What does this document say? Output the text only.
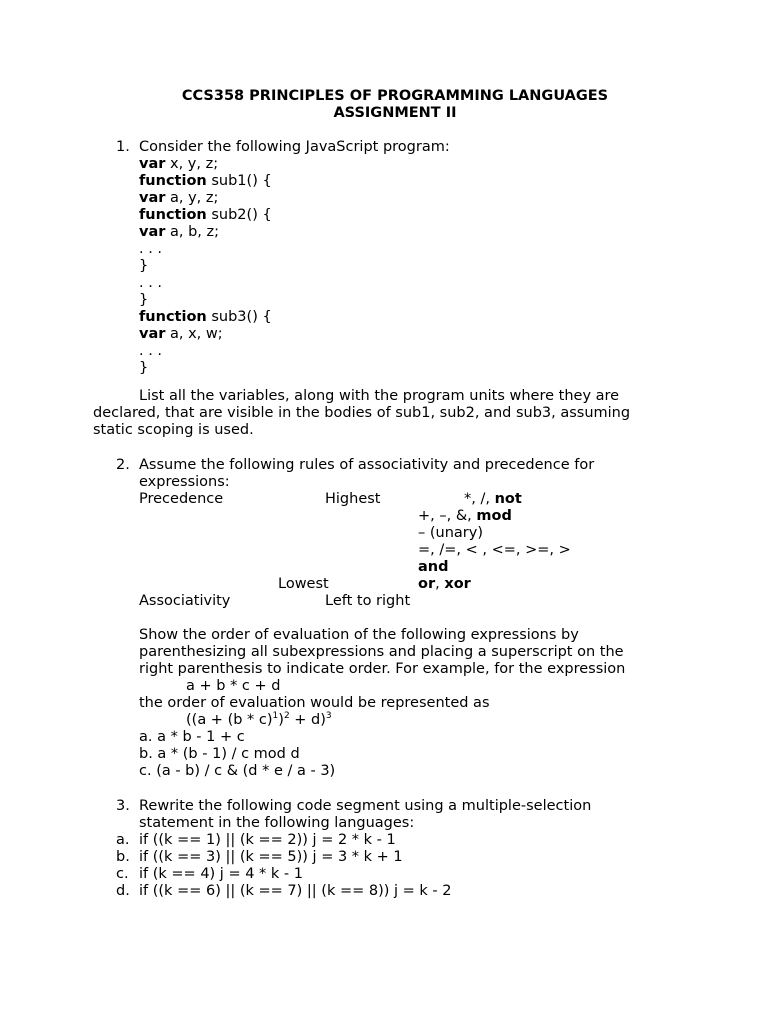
CCS358 PRINCIPLES OF PROGRAMMING LANGUAGES
ASSIGNMENT II
1. Consider the following JavaScript program:
var x, y, z;
function sub1() {
var a, y, z;
function sub2() {
var a, b, z;
. . .
}
. . .
}
function sub3() {
var a, x, w;
. . .
}
List all the variables, along with the program units where they are
declared, that are visible in the bodies of sub1, sub2, and sub3, assuming
static scoping is used.
2. Assume the following rules of associativity and precedence for
expressions:
Precedence	Highest	*, /, not
+, –, &, mod
– (unary)
=, /=, < , <=, >=, >
and
Lowest	or, xor
Associativity	Left to right
Show the order of evaluation of the following expressions by
parenthesizing all subexpressions and placing a superscript on the
right parenthesis to indicate order. For example, for the expression
a + b * c + d
the order of evaluation would be represented as
$((a + (b * c)^1)^2 + d)^3$
a. a * b - 1 + c
b. a * (b - 1) / c mod d
c. (a - b) / c & (d * e / a - 3)
3. Rewrite the following code segment using a multiple-selection
statement in the following languages:
a. if ((k == 1) || (k == 2)) j = 2 * k - 1
b. if ((k == 3) || (k == 5)) j = 3 * k + 1
c. if (k == 4) j = 4 * k - 1
d. if ((k == 6) || (k == 7) || (k == 8)) j = k - 2
